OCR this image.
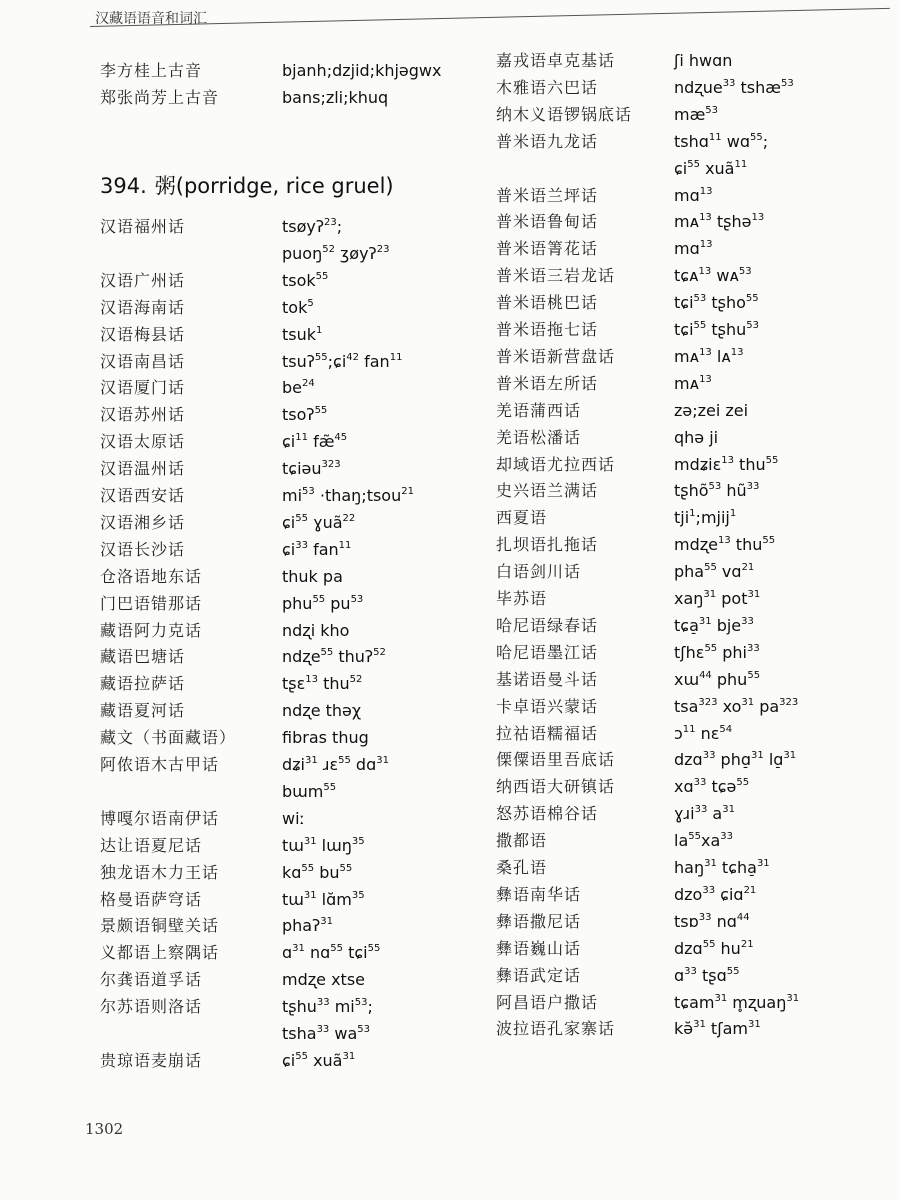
汉藏语语音和词汇
李方桂上古音	bjanh;dzjid;khjəgwx
郑张尚芳上古音	bans;zli;khuq
394. 粥(porridge, rice gruel)
汉语福州话	tsøyʔ$^{23}$;
puoŋ$^{52}$ ʒøyʔ$^{23}$
汉语广州话	tsok$^{55}$
汉语海南话	tok$^5$
汉语梅县话	tsuk$^1$
汉语南昌话	tsuʔ$^{55}$;ɕi$^{42}$ fan$^{11}$
汉语厦门话	$be^{24}$
汉语苏州话	tsoʔ$^{55}$
汉语太原话	ɕi$^{11}$ fæ̃$^{45}$
汉语温州话	tɕiəu$^{323}$
汉语西安话	$mi^{53}$ ·thaŋ;tsou$^{21}$
汉语湘乡话	ɕi$^{55}$ ɣuã$^{22}$
汉语长沙话	ɕi$^{33}$ fan$^{11}$
仓洛语地东话	thuk pa
门巴语错那话	phu$^{55}$ $pu^{53}$
藏语阿力克话	ndʐi kho
藏语巴塘话	ndʐe$^{55}$ thuʔ$^{52}$
藏语拉萨话	tʂɛ$^{13}$ thu$^{52}$
藏语夏河话	ndʐe thəχ
藏文（书面藏语）	fibras thug
阿侬语木古甲话	dʑi$^{31}$ ɹɛ$^{55}$ dɑ$^{31}$
bɯm$^{55}$
博嘎尔语南伊话	wiː
达让语夏尼话	tɯ$^{31}$ lɯŋ$^{35}$
独龙语木力王话	kɑ$^{55}$ $bu^{55}$
格曼语萨穹话	tɯ$^{31}$ $lɑ̆m^{35}$
景颇语铜壁关话	phaʔ$^{31}$
义都语上察隅话	ɑ$^{31}$ nɑ$^{55}$ tɕi$^{55}$
尔龚语道孚话	mdʐe xtse
尔苏语则洛话	tʂhu$^{33}$ $mi^{53}$;
tsha$^{33}$ $wa^{53}$
贵琼语麦崩话	ɕi$^{55}$ xuã$^{31}$
嘉戎语卓克基话	ʃi hwɑn
木雅语六巴话	ndʐue$^{33}$ tshæ$^{53}$
纳木义语锣锅底话	$mæ^{53}$
普米语九龙话	tshɑ$^{11}$ wɑ$^{55}$;
ɕi$^{55}$ xuã$^{11}$
普米语兰坪话	mɑ$^{13}$
普米语鲁甸话	mᴀ$^{13}$ tʂhə$^{13}$
普米语箐花话	mɑ$^{13}$
普米语三岩龙话	tɕᴀ$^{13}$ wᴀ$^{53}$
普米语桃巴话	tɕi$^{53}$ tʂho$^{55}$
普米语拖七话	tɕi$^{55}$ tʂhu$^{53}$
普米语新营盘话	mᴀ$^{13}$ lᴀ$^{13}$
普米语左所话	mᴀ$^{13}$
羌语蒲西话	zə;zei zei
羌语松潘话	qhə ji
却域语尤拉西话	mdʑiɛ$^{13}$ thu$^{55}$
史兴语兰满话	tʂhõ$^{53}$ $hũ^{33}$
西夏语	tji$^1$;mjij$^1$
扎坝语扎拖话	mdʐe$^{13}$ thu$^{55}$
白语剑川话	pha$^{55}$ vɑ$^{21}$
毕苏语	xaŋ$^{31}$ pot$^{31}$
哈尼语绿春话	tɕa̠$^{31}$ bje$^{33}$
哈尼语墨江话	tʃhɛ$^{55}$ phi$^{33}$
基诺语曼斗话	xɯ$^{44}$ phu$^{55}$
卡卓语兴蒙话	tsa$^{323}$ $xo^{31}$ $pa^{323}$
拉祜语糯福话	ɔ$^{11}$ nɛ$^{54}$
傈僳语里吾底话	dzɑ$^{33}$ phɑ̠$^{31}$ lɑ̠$^{31}$
纳西语大研镇话	xɑ$^{33}$ tɕə$^{55}$
怒苏语棉谷话	ɣɹi$^{33}$ $a^{31}$
撒都语	$la^{55}xa^{33}$
桑孔语	haŋ$^{31}$ tɕha̠$^{31}$
彝语南华话	dzo$^{33}$ ɕiɑ$^{21}$
彝语撒尼话	tsɒ$^{33}$ nɑ$^{44}$
彝语巍山话	dzɑ$^{55}$ $hu^{21}$
彝语武定话	ɑ$^{33}$ tʂɑ$^{55}$
阿昌语户撒话	tɕam$^{31}$ m̥ʐuaŋ$^{31}$
波拉语孔家寨话	kə̆$^{31}$ tʃam$^{31}$
1302
